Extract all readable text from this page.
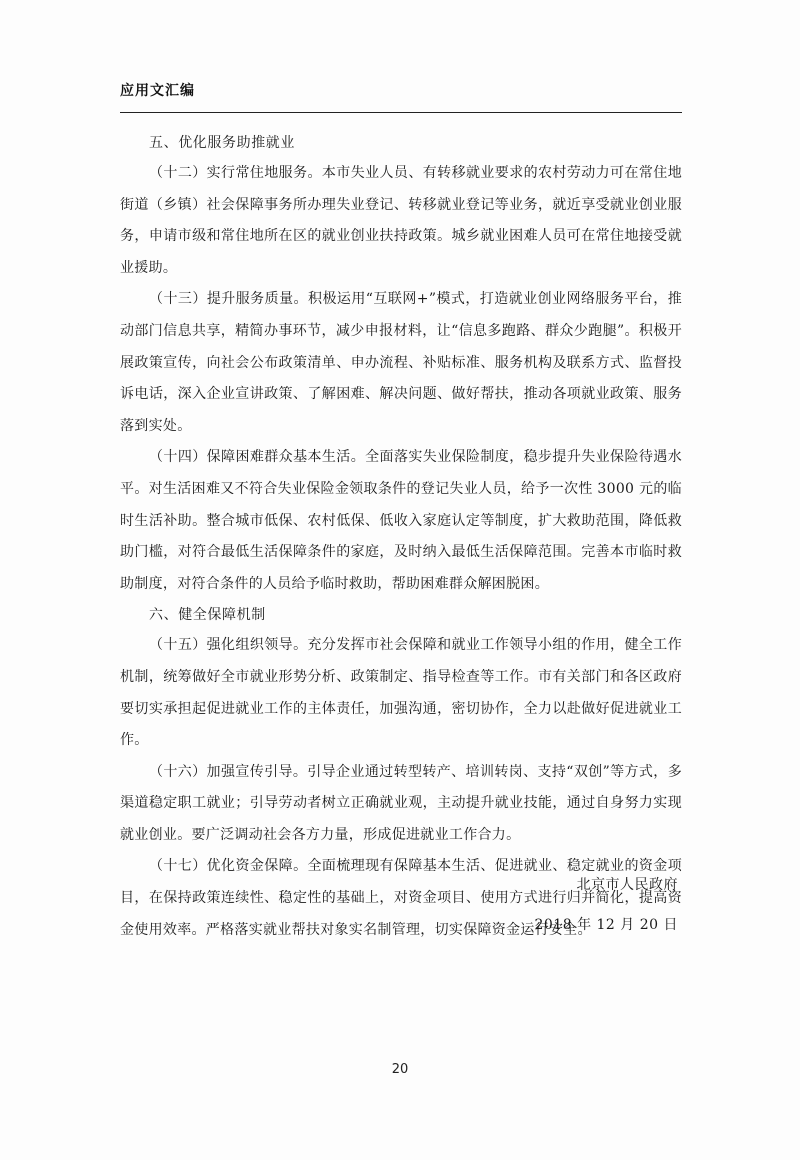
应用文汇编

五、优化服务助推就业

（十二）实行常住地服务。本市失业人员、有转移就业要求的农村劳动力可在常住地街道（乡镇）社会保障事务所办理失业登记、转移就业登记等业务，就近享受就业创业服务，申请市级和常住地所在区的就业创业扶持政策。城乡就业困难人员可在常住地接受就业援助。

（十三）提升服务质量。积极运用“互联网+”模式，打造就业创业网络服务平台，推动部门信息共享，精简办事环节，减少申报材料，让“信息多跑路、群众少跑腿”。积极开展政策宣传，向社会公布政策清单、申办流程、补贴标准、服务机构及联系方式、监督投诉电话，深入企业宣讲政策、了解困难、解决问题、做好帮扶，推动各项就业政策、服务落到实处。

（十四）保障困难群众基本生活。全面落实失业保险制度，稳步提升失业保险待遇水平。对生活困难又不符合失业保险金领取条件的登记失业人员，给予一次性 3000 元的临时生活补助。整合城市低保、农村低保、低收入家庭认定等制度，扩大救助范围，降低救助门槛，对符合最低生活保障条件的家庭，及时纳入最低生活保障范围。完善本市临时救助制度，对符合条件的人员给予临时救助，帮助困难群众解困脱困。

六、健全保障机制

（十五）强化组织领导。充分发挥市社会保障和就业工作领导小组的作用，健全工作机制，统筹做好全市就业形势分析、政策制定、指导检查等工作。市有关部门和各区政府要切实承担起促进就业工作的主体责任，加强沟通，密切协作，全力以赴做好促进就业工作。

（十六）加强宣传引导。引导企业通过转型转产、培训转岗、支持“双创”等方式，多渠道稳定职工就业；引导劳动者树立正确就业观，主动提升就业技能，通过自身努力实现就业创业。要广泛调动社会各方力量，形成促进就业工作合力。

（十七）优化资金保障。全面梳理现有保障基本生活、促进就业、稳定就业的资金项目，在保持政策连续性、稳定性的基础上，对资金项目、使用方式进行归并简化，提高资金使用效率。严格落实就业帮扶对象实名制管理，切实保障资金运行安全。

北京市人民政府
2018 年 12 月 20 日
20
